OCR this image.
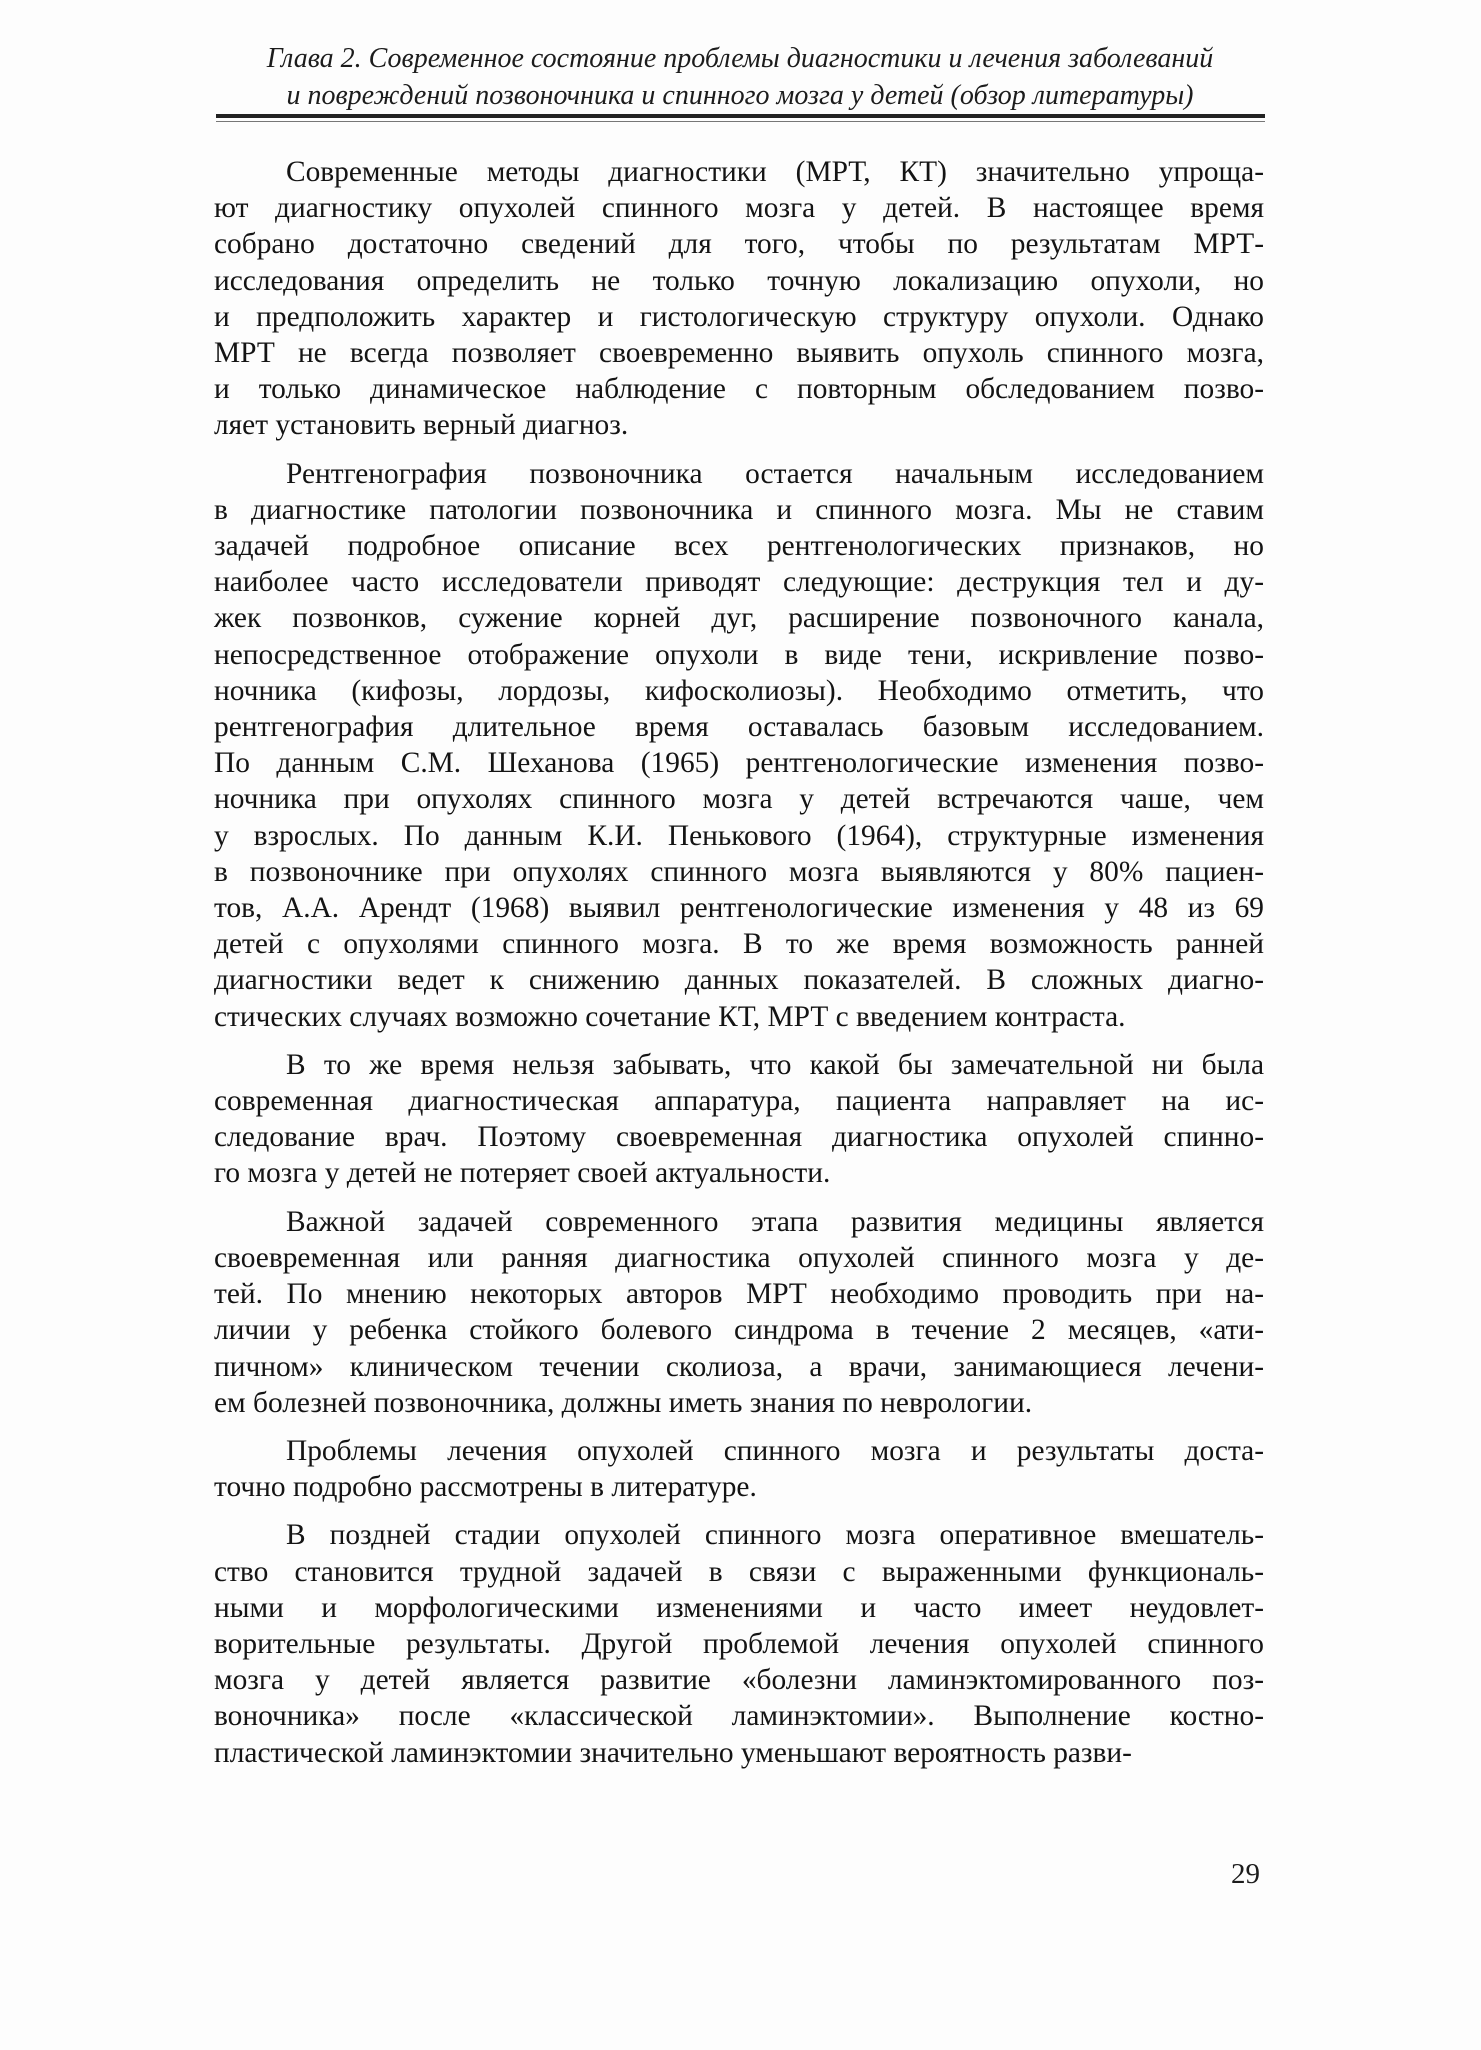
Глава 2. Современное состояние проблемы диагностики и лечения заболеваний
и повреждений позвоночника и спинного мозга у детей (обзор литературы)
Современные методы диагностики (МРТ, КТ) значительно упроща-
ют диагностику опухолей спинного мозга у детей. В настоящее время
собрано достаточно сведений для того, чтобы по результатам МРТ-
исследования определить не только точную локализацию опухоли, но
и предположить характер и гистологическую структуру опухоли. Однако
МРТ не всегда позволяет своевременно выявить опухоль спинного мозга,
и только динамическое наблюдение с повторным обследованием позво-
ляет установить верный диагноз.
Рентгенография позвоночника остается начальным исследованием
в диагностике патологии позвоночника и спинного мозга. Мы не ставим
задачей подробное описание всех рентгенологических признаков, но
наиболее часто исследователи приводят следующие: деструкция тел и ду-
жек позвонков, сужение корней дуг, расширение позвоночного канала,
непосредственное отображение опухоли в виде тени, искривление позво-
ночника (кифозы, лордозы, кифосколиозы). Необходимо отметить, что
рентгенография длительное время оставалась базовым исследованием.
По данным С.М. Шеханова (1965) рентгенологические изменения позво-
ночника при опухолях спинного мозга у детей встречаются чаше, чем
у взрослых. По данным К.И. Пеньковоro (1964), структурные изменения
в позвоночнике при опухолях спинного мозга выявляются у 80% пациен-
тов, А.А. Арендт (1968) выявил рентгенологические изменения у 48 из 69
детей с опухолями спинного мозга. В то же время возможность ранней
диагностики ведет к снижению данных показателей. В сложных диагно-
стических случаях возможно сочетание КТ, МРТ с введением контраста.
В то же время нельзя забывать, что какой бы замечательной ни была
современная диагностическая аппаратура, пациента направляет на ис-
следование врач. Поэтому своевременная диагностика опухолей спинно-
го мозга у детей не потеряет своей актуальности.
Важной задачей современного этапа развития медицины является
своевременная или ранняя диагностика опухолей спинного мозга у де-
тей. По мнению некоторых авторов МРТ необходимо проводить при на-
личии у ребенка стойкого болевого синдрома в течение 2 месяцев, «ати-
пичном» клиническом течении сколиоза, а врачи, занимающиеся лечени-
ем болезней позвоночника, должны иметь знания по неврологии.
Проблемы лечения опухолей спинного мозга и результаты доста-
точно подробно рассмотрены в литературе.
В поздней стадии опухолей спинного мозга оперативное вмешатель-
ство становится трудной задачей в связи с выраженными функциональ-
ными и морфологическими изменениями и часто имеет неудовлет-
ворительные результаты. Другой проблемой лечения опухолей спинного
мозга у детей является развитие «болезни ламинэктомированного поз-
воночника» после «классической ламинэктомии». Выполнение костно-
пластической ламинэктомии значительно уменьшают вероятность разви-
29
